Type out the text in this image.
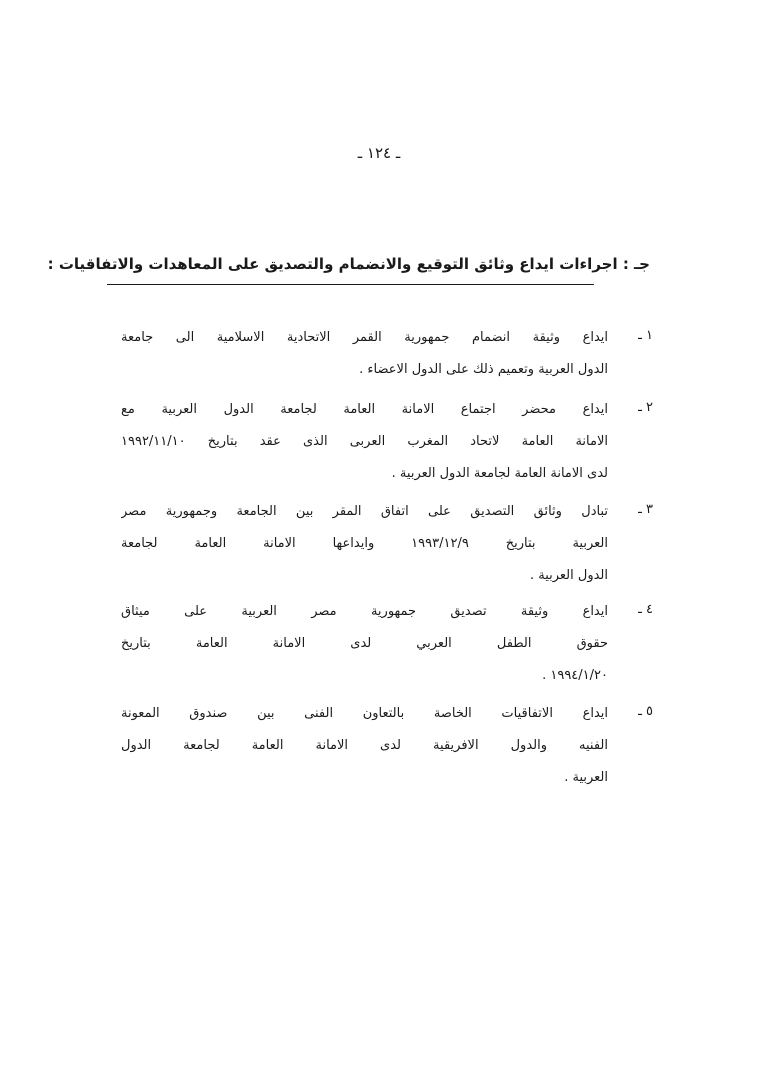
ـ ١٢٤ ـ
جـ : اجراءات ايداع وثائق التوقيع والانضمام والتصديق على المعاهدات والاتفاقيات :
١ ـ
ايداع وثيقة انضمام جمهورية القمر الاتحادية الاسلامية الى جامعة
الدول العربية وتعميم ذلك على الدول الاعضاء .
٢ ـ
ايداع محضر اجتماع الامانة العامة لجامعة الدول العربية مع
الامانة العامة لاتحاد المغرب العربى الذى عقد بتاريخ ١٩٩٢/١١/١٠
لدى الامانة العامة لجامعة الدول العربية .
٣ ـ
تبادل وثائق التصديق على اتفاق المقر بين الجامعة وجمهورية مصر
العربية بتاريخ ١٩٩٣/١٢/٩ وايداعها الامانة العامة لجامعة
الدول العربية .
٤ ـ
ايداع وثيقة تصديق جمهورية مصر العربية على ميثاق
حقوق الطفل العربي لدى الامانة العامة بتاريخ
١٩٩٤/١/٢٠ .
٥ ـ
ايداع الاتفاقيات الخاصة بالتعاون الفنى بين صندوق المعونة
الفنيه والدول الافريقية لدى الامانة العامة لجامعة الدول
العربية .
